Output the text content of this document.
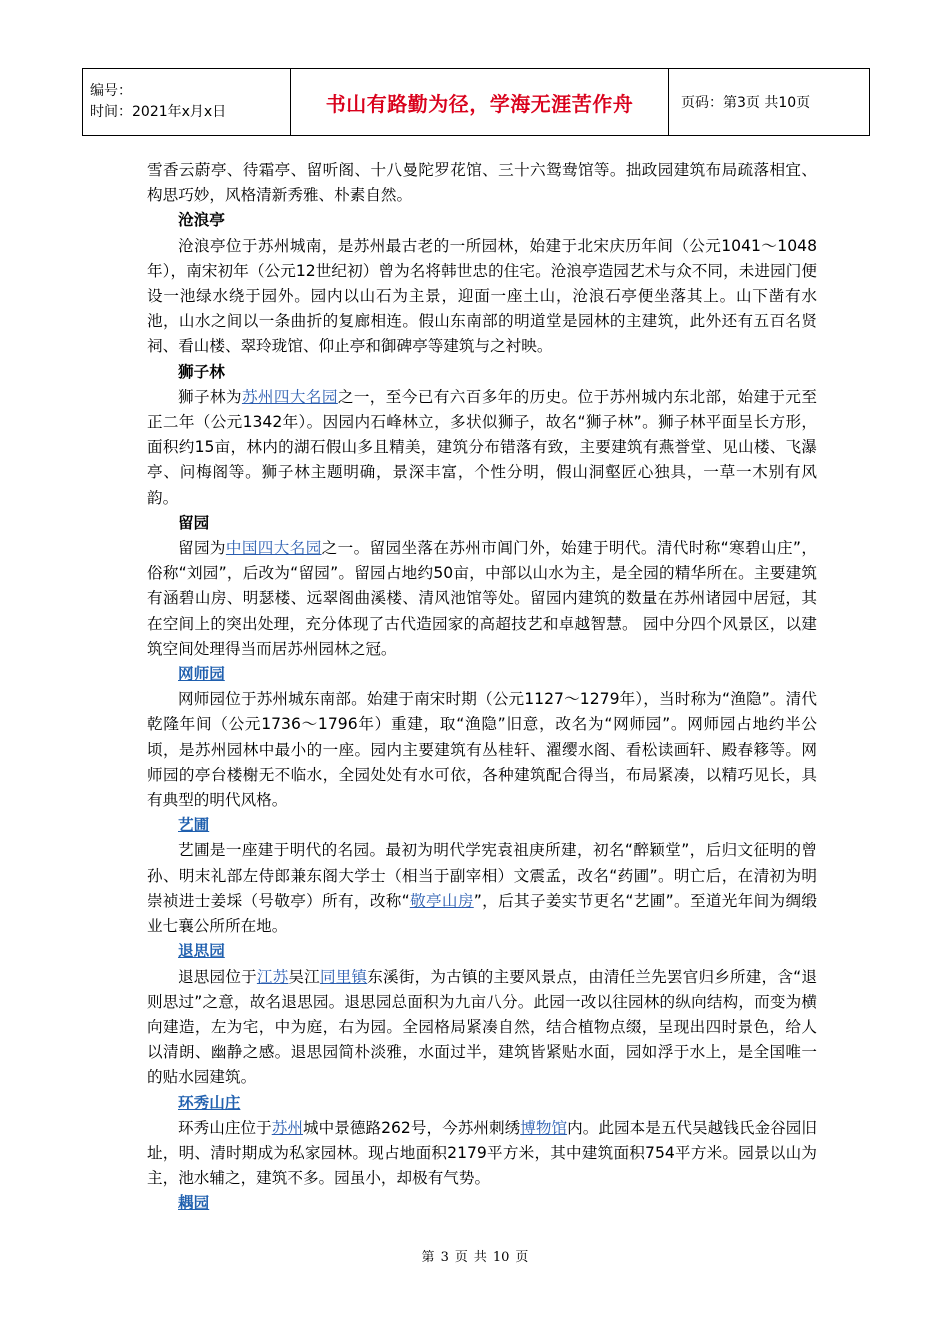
编号：
时间：2021年x月x日	书山有路勤为径，学海无涯苦作舟	页码：第3页 共10页

雪香云蔚亭、待霜亭、留听阁、十八曼陀罗花馆、三十六鸳鸯馆等。拙政园建筑布局疏落相宜、构思巧妙，风格清新秀雅、朴素自然。

沧浪亭

沧浪亭位于苏州城南，是苏州最古老的一所园林，始建于北宋庆历年间（公元1041～1048年），南宋初年（公元12世纪初）曾为名将韩世忠的住宅。沧浪亭造园艺术与众不同，未进园门便设一池绿水绕于园外。园内以山石为主景，迎面一座土山，沧浪石亭便坐落其上。山下凿有水池，山水之间以一条曲折的复廊相连。假山东南部的明道堂是园林的主建筑，此外还有五百名贤祠、看山楼、翠玲珑馆、仰止亭和御碑亭等建筑与之衬映。

狮子林

狮子林为苏州四大名园之一，至今已有六百多年的历史。位于苏州城内东北部，始建于元至正二年（公元1342年）。因园内石峰林立，多状似狮子，故名“狮子林”。狮子林平面呈长方形，面积约15亩，林内的湖石假山多且精美，建筑分布错落有致，主要建筑有燕誉堂、见山楼、飞瀑亭、问梅阁等。狮子林主题明确，景深丰富，个性分明，假山洞壑匠心独具，一草一木别有风韵。

留园

留园为中国四大名园之一。留园坐落在苏州市阊门外，始建于明代。清代时称“寒碧山庄”，俗称“刘园”，后改为“留园”。留园占地约50亩，中部以山水为主，是全园的精华所在。主要建筑有涵碧山房、明瑟楼、远翠阁曲溪楼、清风池馆等处。留园内建筑的数量在苏州诸园中居冠，其在空间上的突出处理，充分体现了古代造园家的高超技艺和卓越智慧。 园中分四个风景区，以建筑空间处理得当而居苏州园林之冠。

网师园

网师园位于苏州城东南部。始建于南宋时期（公元1127～1279年），当时称为“渔隐”。清代乾隆年间（公元1736～1796年）重建，取“渔隐”旧意，改名为“网师园”。网师园占地约半公顷，是苏州园林中最小的一座。园内主要建筑有丛桂轩、濯缨水阁、看松读画轩、殿春簃等。网师园的亭台楼榭无不临水，全园处处有水可依，各种建筑配合得当，布局紧凑，以精巧见长，具有典型的明代风格。

艺圃

艺圃是一座建于明代的名园。最初为明代学宪袁祖庚所建，初名“醉颖堂”，后归文征明的曾孙、明末礼部左侍郎兼东阁大学士（相当于副宰相）文震孟，改名“药圃”。明亡后，在清初为明崇祯进士姜埰（号敬亭）所有，改称“敬亭山房”，后其子姜实节更名“艺圃”。至道光年间为绸缎业七襄公所所在地。

退思园

退思园位于江苏吴江同里镇东溪街，为古镇的主要风景点，由清任兰先罢官归乡所建，含“退则思过”之意，故名退思园。退思园总面积为九亩八分。此园一改以往园林的纵向结构，而变为横向建造，左为宅，中为庭，右为园。全园格局紧凑自然，结合植物点缀，呈现出四时景色，给人以清朗、幽静之感。退思园简朴淡雅，水面过半，建筑皆紧贴水面，园如浮于水上，是全国唯一的贴水园建筑。

环秀山庄

环秀山庄位于苏州城中景德路262号，今苏州刺绣博物馆内。此园本是五代吴越钱氏金谷园旧址，明、清时期成为私家园林。现占地面积2179平方米，其中建筑面积754平方米。园景以山为主，池水辅之，建筑不多。园虽小，却极有气势。

耦园
第 3 页 共 10 页
